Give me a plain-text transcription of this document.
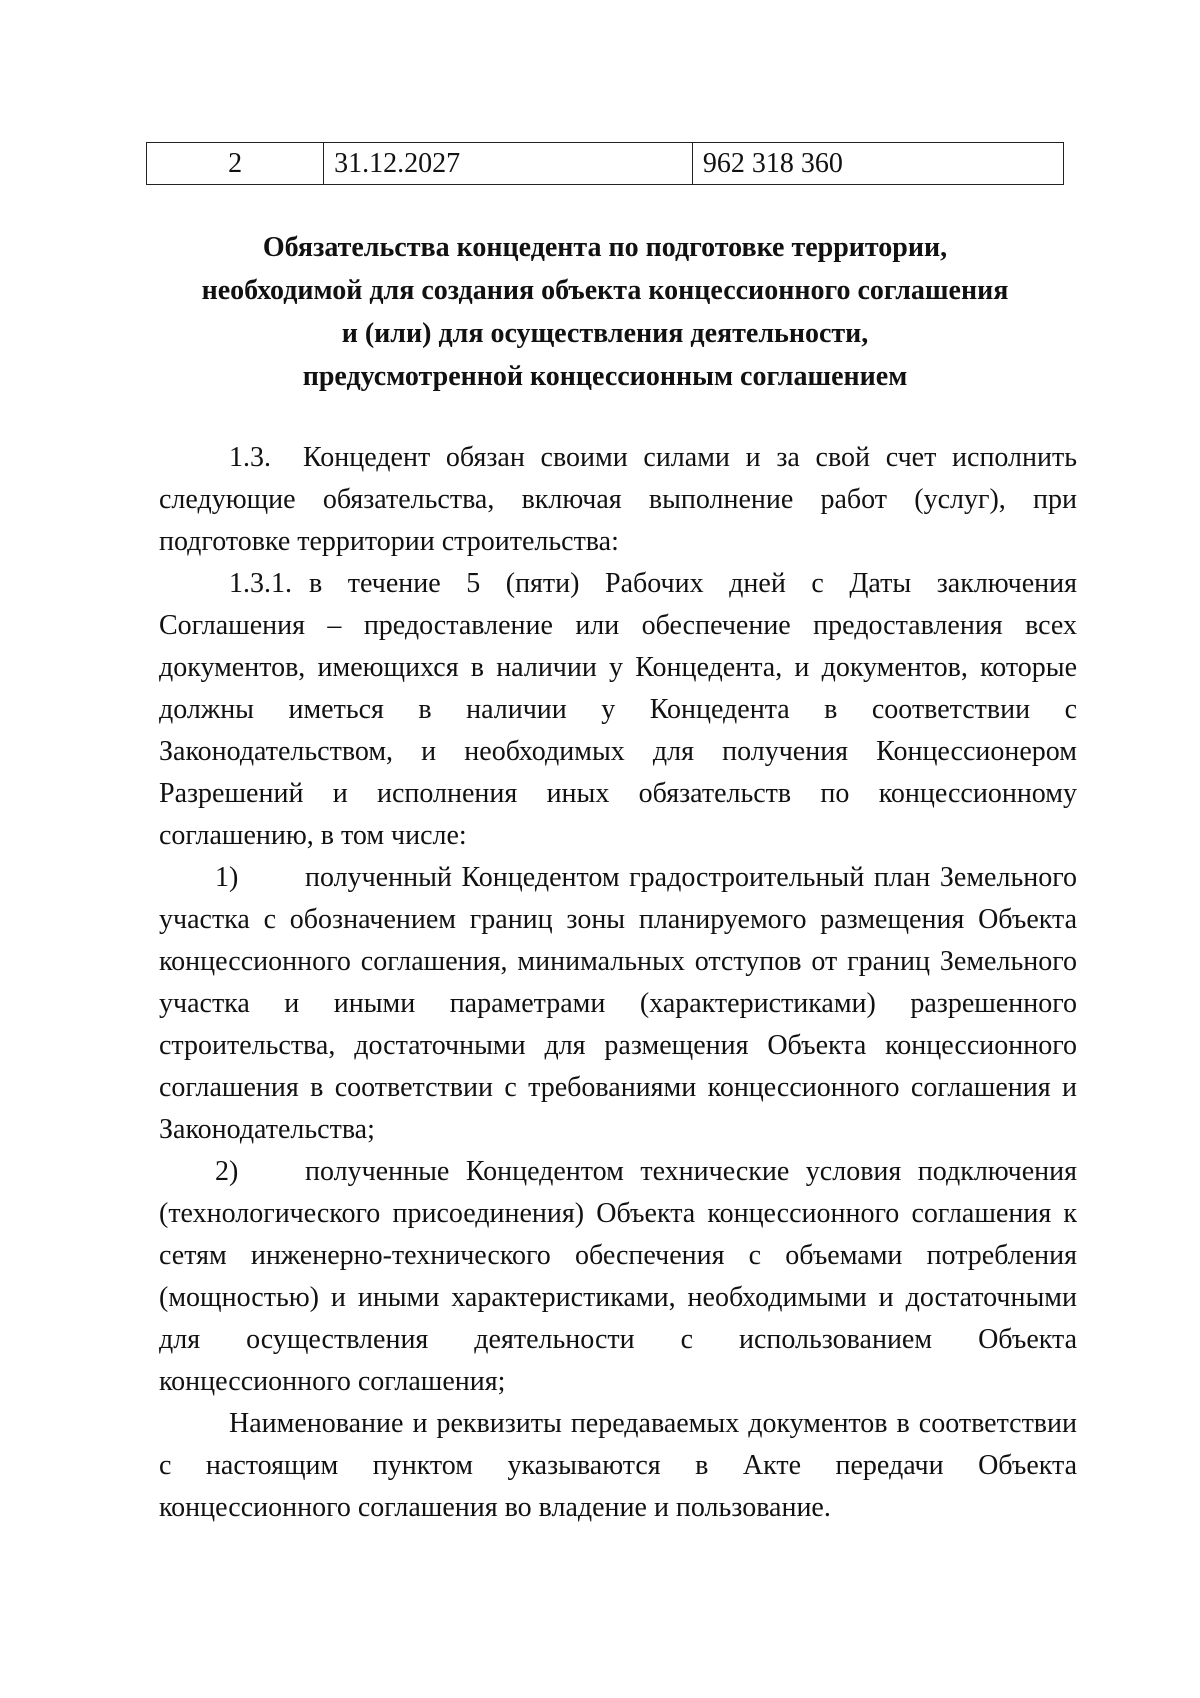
2	31.12.2027	962 318 360
Обязательства концедента по подготовке территории,
необходимой для создания объекта концессионного соглашения
и (или) для осуществления деятельности,
предусмотренной концессионным соглашением

1.3. Концедент обязан своими силами и за свой счет исполнить следующие обязательства, включая выполнение работ (услуг), при подготовке территории строительства:

1.3.1. в течение 5 (пяти) Рабочих дней с Даты заключения Соглашения – предоставление или обеспечение предоставления всех документов, имеющихся в наличии у Концедента, и документов, которые должны иметься в наличии у Концедента в соответствии с Законодательством, и необходимых для получения Концессионером Разрешений и исполнения иных обязательств по концессионному соглашению, в том числе:

1) полученный Концедентом градостроительный план Земельного участка с обозначением границ зоны планируемого размещения Объекта концессионного соглашения, минимальных отступов от границ Земельного участка и иными параметрами (характеристиками) разрешенного строительства, достаточными для размещения Объекта концессионного соглашения в соответствии с требованиями концессионного соглашения и Законодательства;

2) полученные Концедентом технические условия подключения (технологического присоединения) Объекта концессионного соглашения к сетям инженерно-технического обеспечения с объемами потребления (мощностью) и иными характеристиками, необходимыми и достаточными для осуществления деятельности с использованием Объекта концессионного соглашения;

Наименование и реквизиты передаваемых документов в соответствии с настоящим пунктом указываются в Акте передачи Объекта концессионного соглашения во владение и пользование.
